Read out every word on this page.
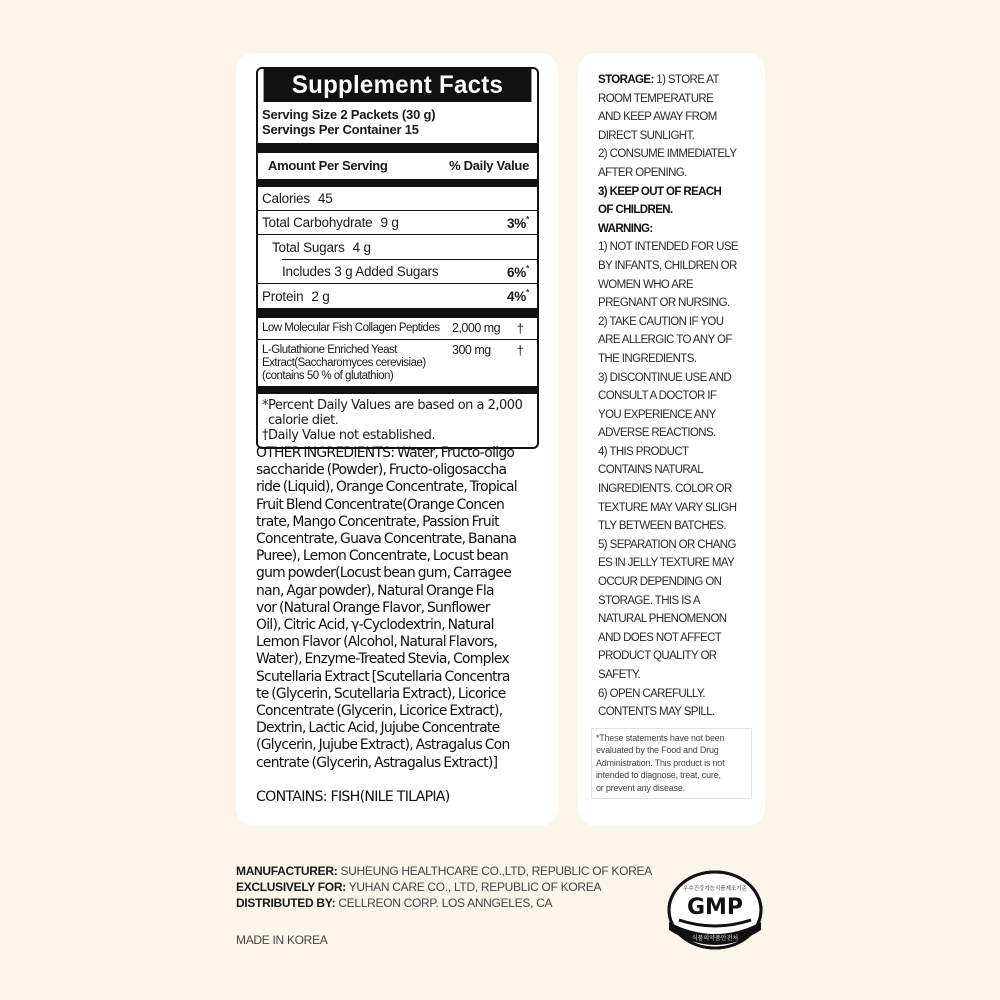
Supplement Facts
Serving Size 2 Packets (30 g)
Servings Per Container 15
Amount Per Serving	% Daily Value
Calories 45
Total Carbohydrate 9 g	3%*
Total Sugars 4 g
Includes 3 g Added Sugars	6%*
Protein 2 g	4%*
Low Molecular Fish Collagen Peptides 2,000 mg	†
L-Glutathione Enriched Yeast
Extract(Saccharomyces cerevisiae)
(contains 50 % of glutathion)
300 mg	†
*Percent Daily Values are based on a 2,000
calorie diet.
†Daily Value not established.
OTHER INGREDIENTS: Water, Fructo-oligo
saccharide (Powder), Fructo-oligosaccha
ride (Liquid), Orange Concentrate, Tropical
Fruit Blend Concentrate(Orange Concen
trate, Mango Concentrate, Passion Fruit
Concentrate, Guava Concentrate, Banana
Puree), Lemon Concentrate, Locust bean
gum powder(Locust bean gum, Carragee
nan, Agar powder), Natural Orange Fla
vor (Natural Orange Flavor, Sunflower
Oil), Citric Acid, γ-Cyclodextrin, Natural
Lemon Flavor (Alcohol, Natural Flavors,
Water), Enzyme-Treated Stevia, Complex
Scutellaria Extract [Scutellaria Concentra
te (Glycerin, Scutellaria Extract), Licorice
Concentrate (Glycerin, Licorice Extract),
Dextrin, Lactic Acid, Jujube Concentrate
(Glycerin, Jujube Extract), Astragalus Con
centrate (Glycerin, Astragalus Extract)]
CONTAINS: FISH(NILE TILAPIA)
STORAGE: 1) STORE AT
ROOM TEMPERATURE
AND KEEP AWAY FROM
DIRECT SUNLIGHT.
2) CONSUME IMMEDIATELY
AFTER OPENING.
3) KEEP OUT OF REACH
OF CHILDREN.
WARNING:
1) NOT INTENDED FOR USE
BY INFANTS, CHILDREN OR
WOMEN WHO ARE
PREGNANT OR NURSING.
2) TAKE CAUTION IF YOU
ARE ALLERGIC TO ANY OF
THE INGREDIENTS.
3) DISCONTINUE USE AND
CONSULT A DOCTOR IF
YOU EXPERIENCE ANY
ADVERSE REACTIONS.
4) THIS PRODUCT
CONTAINS NATURAL
INGREDIENTS. COLOR OR
TEXTURE MAY VARY SLIGH
TLY BETWEEN BATCHES.
5) SEPARATION OR CHANG
ES IN JELLY TEXTURE MAY
OCCUR DEPENDING ON
STORAGE. THIS IS A
NATURAL PHENOMENON
AND DOES NOT AFFECT
PRODUCT QUALITY OR
SAFETY.
6) OPEN CAREFULLY.
CONTENTS MAY SPILL.
*These statements have not been
evaluated by the Food and Drug
Administration. This product is not
intended to diagnose, treat, cure,
or prevent any disease.
MANUFACTURER: SUHEUNG HEALTHCARE CO.,LTD, REPUBLIC OF KOREA
EXCLUSIVELY FOR: YUHAN CARE CO., LTD, REPUBLIC OF KOREA
DISTRIBUTED BY: CELLREON CORP. LOS ANNGELES, CA
MADE IN KOREA
우수건강기능식품제조기준
GMP
식품의약품안전처
